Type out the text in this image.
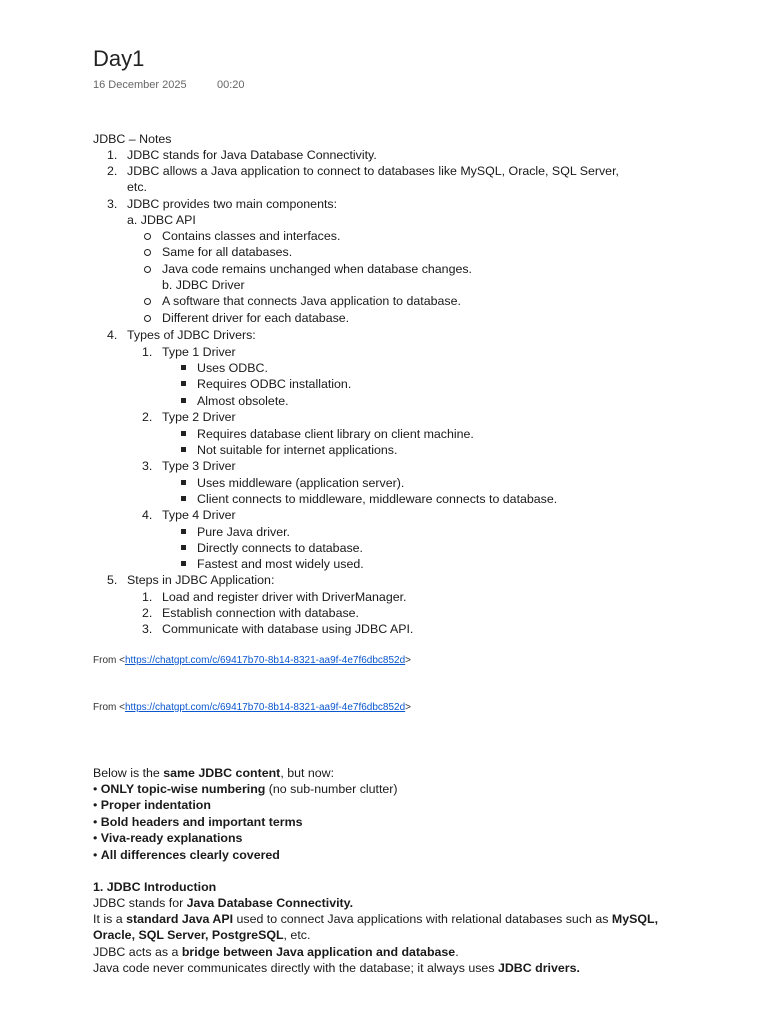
Day1
16 December 2025	00:20
JDBC – Notes
1. JDBC stands for Java Database Connectivity.
2. JDBC allows a Java application to connect to databases like MySQL, Oracle, SQL Server,
etc.
3. JDBC provides two main components:
a. JDBC API
Contains classes and interfaces.
Same for all databases.
Java code remains unchanged when database changes.
b. JDBC Driver
A software that connects Java application to database.
Different driver for each database.
4. Types of JDBC Drivers:
1. Type 1 Driver
Uses ODBC.
Requires ODBC installation.
Almost obsolete.
2. Type 2 Driver
Requires database client library on client machine.
Not suitable for internet applications.
3. Type 3 Driver
Uses middleware (application server).
Client connects to middleware, middleware connects to database.
4. Type 4 Driver
Pure Java driver.
Directly connects to database.
Fastest and most widely used.
5. Steps in JDBC Application:
1. Load and register driver with DriverManager.
2. Establish connection with database.
3. Communicate with database using JDBC API.
From <https://chatgpt.com/c/69417b70-8b14-8321-aa9f-4e7f6dbc852d>
From <https://chatgpt.com/c/69417b70-8b14-8321-aa9f-4e7f6dbc852d>
Below is the same JDBC content, but now:
• ONLY topic-wise numbering (no sub-number clutter)
• Proper indentation
• Bold headers and important terms
• Viva-ready explanations
• All differences clearly covered
1. JDBC Introduction
JDBC stands for Java Database Connectivity.
It is a standard Java API used to connect Java applications with relational databases such as MySQL,
Oracle, SQL Server, PostgreSQL, etc.
JDBC acts as a bridge between Java application and database.
Java code never communicates directly with the database; it always uses JDBC drivers.
